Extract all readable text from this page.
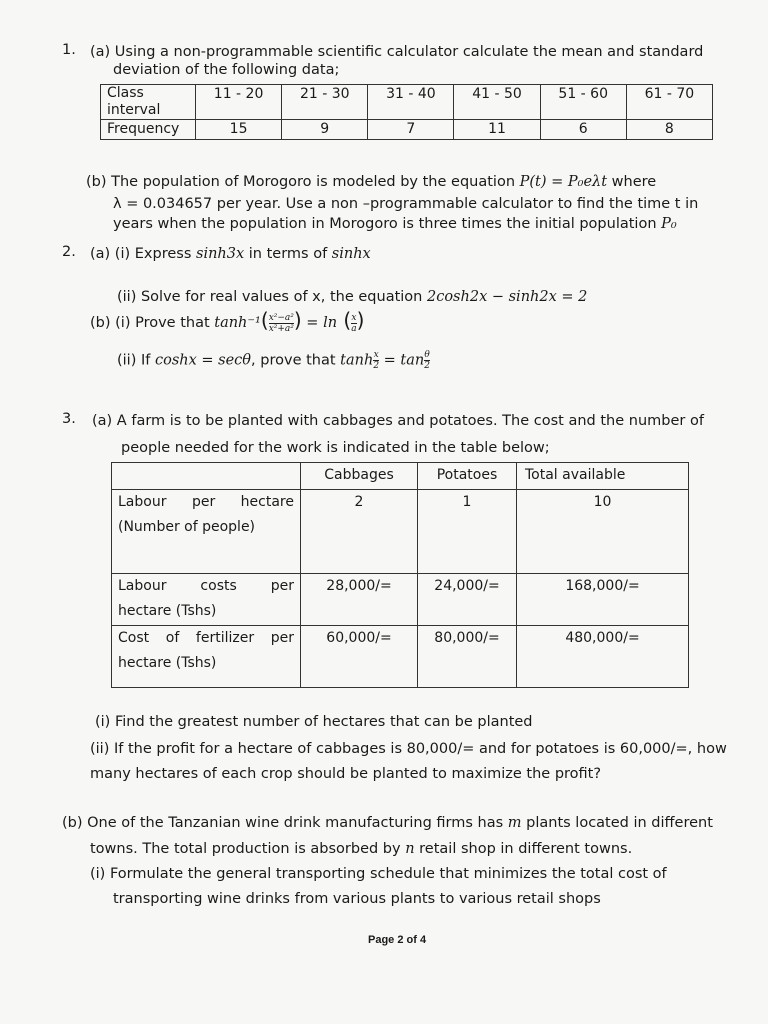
1. (a) Using a non-programmable scientific calculator calculate the mean and standard
deviation of the following data;
Class
interval	11 - 20	21 - 30	31 - 40	41 - 50	51 - 60	61 - 70
Frequency	15	9	7	11	6	8
(b) The population of Morogoro is modeled by the equation P(t) = P₀eλt where
λ = 0.034657 per year. Use a non –programmable calculator to find the time t in
years when the population in Morogoro is three times the initial population P₀
2. (a) (i) Express sinh3x in terms of sinhx
(ii) Solve for real values of x, the equation 2cosh2x − sinh2x = 2
(b) (i) Prove that $\tanh^{-1}( \frac{\text{x²−a²}}{\text{x²+a²}}$ ) = ln ( $\frac{x}{a}$ )
(ii) If coshx = secθ, prove that $\tanh \frac{x}{2} = \tan \frac{\theta}{2}$
3. (a) A farm is to be planted with cabbages and potatoes. The cost and the number of
people needed for the work is indicated in the table below;
	Cabbages	Potatoes	Total available

Labour per hectare
(Number of people)	2	1	10

Labour costs per
hectare (Tshs)	28,000/=	24,000/=	168,000/=

Cost of fertilizer per
hectare (Tshs)	60,000/=	80,000/=	480,000/=
(i) Find the greatest number of hectares that can be planted
(ii) If the profit for a hectare of cabbages is 80,000/= and for potatoes is 60,000/=, how
many hectares of each crop should be planted to maximize the profit?
(b) One of the Tanzanian wine drink manufacturing firms has m plants located in different
towns. The total production is absorbed by n retail shop in different towns.
(i) Formulate the general transporting schedule that minimizes the total cost of
transporting wine drinks from various plants to various retail shops
Page 2 of 4
